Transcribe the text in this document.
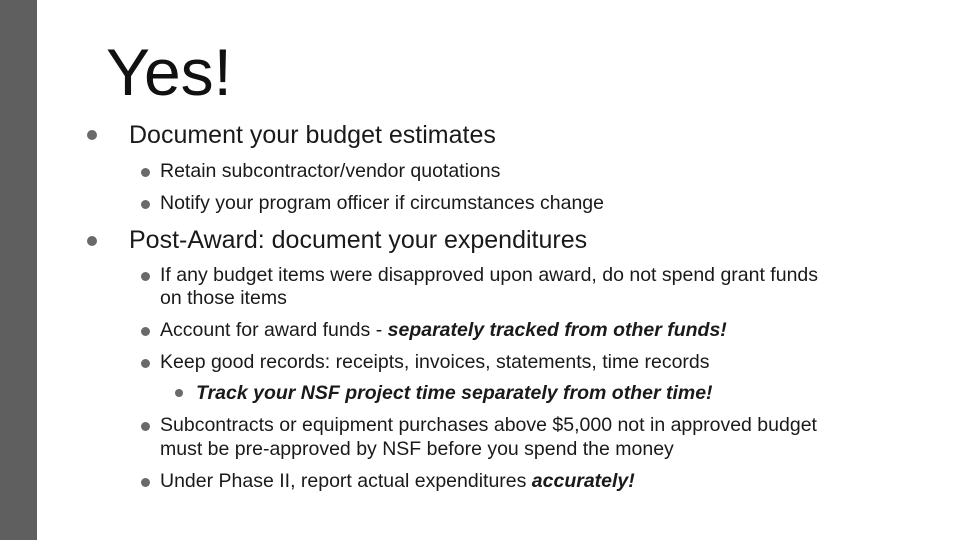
Yes!
Document your budget estimates
Retain subcontractor/vendor quotations
Notify your program officer if circumstances change
Post-Award: document your expenditures
If any budget items were disapproved upon award, do not spend grant funds
on those items
Account for award funds - separately tracked from other funds!
Keep good records: receipts, invoices, statements, time records
Track your NSF project time separately from other time!
Subcontracts or equipment purchases above $5,000 not in approved budget
must be pre-approved by NSF before you spend the money
Under Phase II, report actual expenditures accurately!
